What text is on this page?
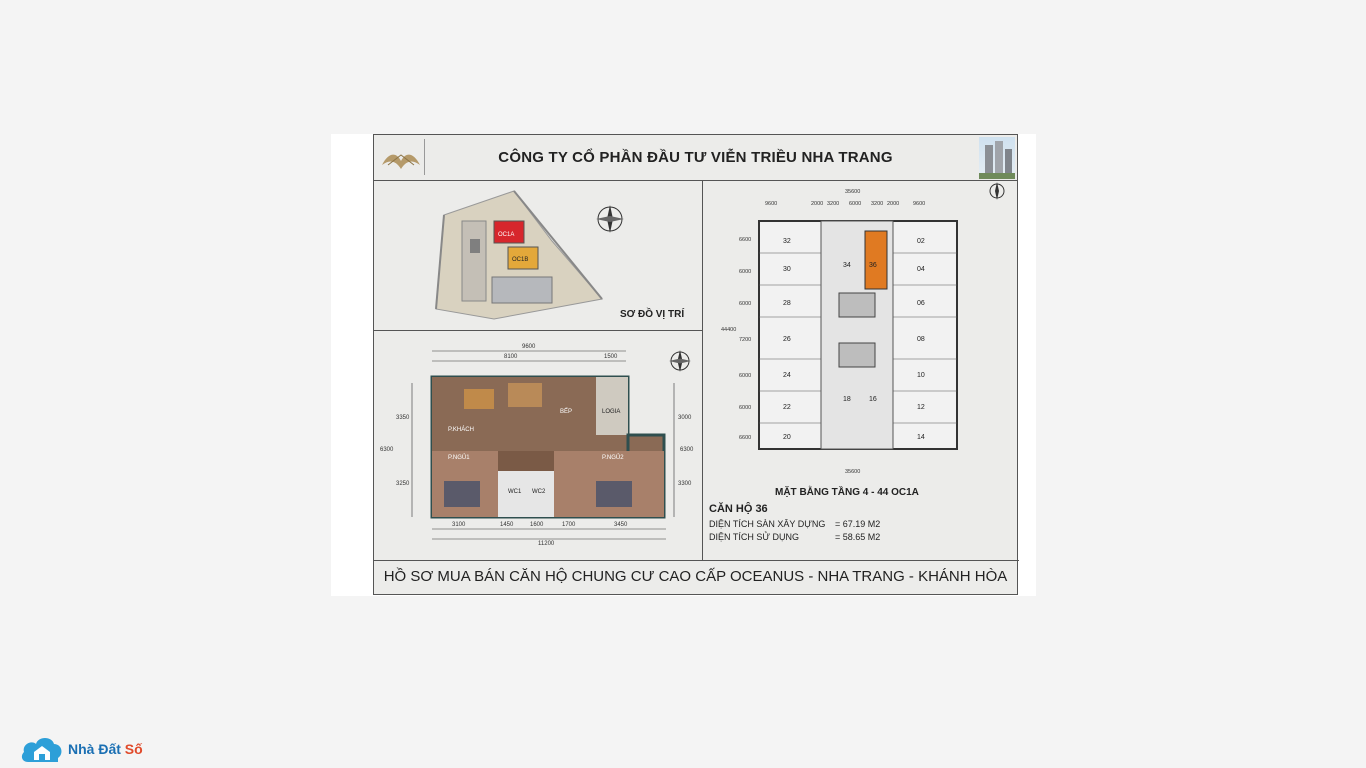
CÔNG TY CỔ PHẦN ĐẦU TƯ VIỄN TRIỀU NHA TRANG
OC1A
OC1B
SƠ ĐỒ VỊ TRÍ
9600
8100	1500
3100	1450	1600	1700	3450
11200
3350
6300
3250
3000
6300
3300
BẾP	LOGIA
P.KHÁCH
P.NGỦ1	P.NGỦ2
WC1 WC2
35600
9600	2000 3200 6000 3200 2000	9600
35600
6600
6000
6000
7200
6000
6000
6600
44400
32
30
28
26
24
22
20
02
04
06
08
10
12
14
34	36
18	16
MẶT BẰNG TẦNG 4 - 44 OC1A
CĂN HỘ 36
DIỆN TÍCH SÀN XÂY DỰNG	= 67.19 M2
DIỆN TÍCH SỬ DỤNG	= 58.65 M2
HỒ SƠ MUA BÁN CĂN HỘ CHUNG CƯ CAO CẤP OCEANUS - NHA TRANG - KHÁNH HÒA
Nhà Đất Số
